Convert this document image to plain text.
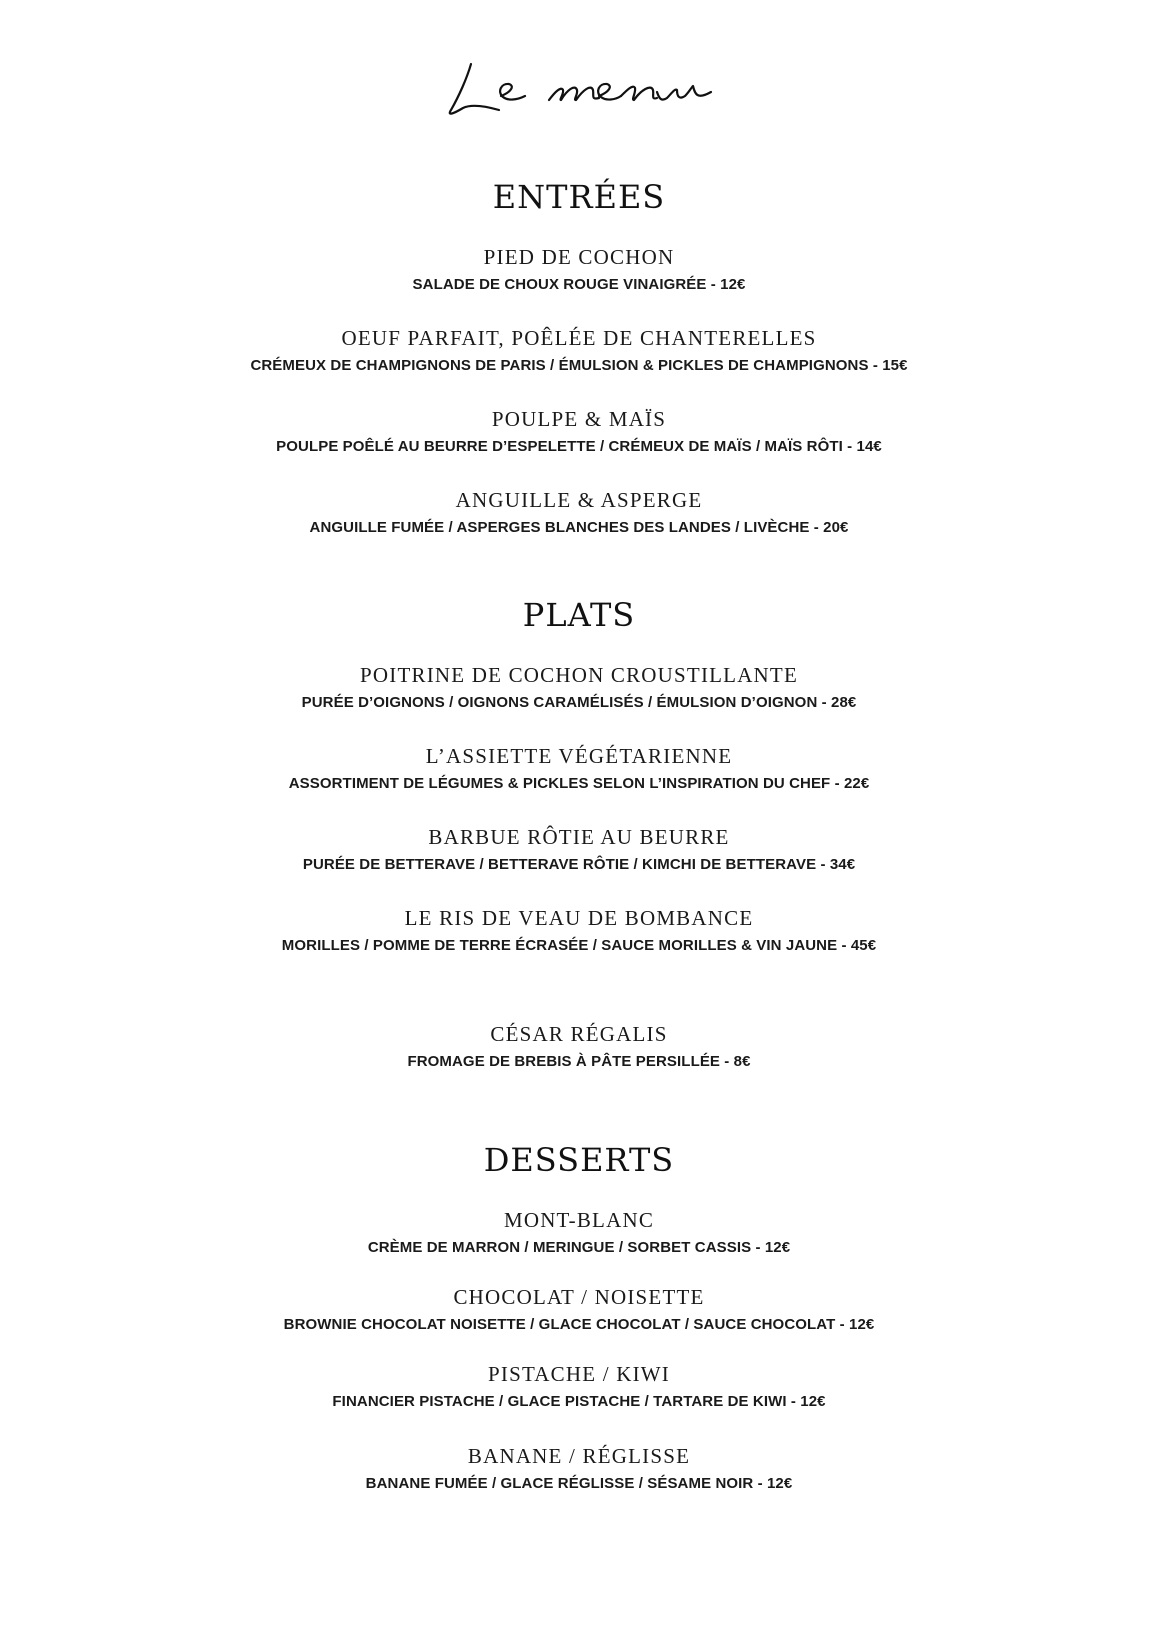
ENTRÉES
PIED DE COCHON
SALADE DE CHOUX ROUGE VINAIGRÉE - 12€
OEUF PARFAIT, POÊLÉE DE CHANTERELLES
CRÉMEUX DE CHAMPIGNONS DE PARIS / ÉMULSION & PICKLES DE CHAMPIGNONS - 15€
POULPE & MAÏS
POULPE POÊLÉ AU BEURRE D’ESPELETTE / CRÉMEUX DE MAÏS / MAÏS RÔTI - 14€
ANGUILLE & ASPERGE
ANGUILLE FUMÉE / ASPERGES BLANCHES DES LANDES / LIVÈCHE - 20€
PLATS
POITRINE DE COCHON CROUSTILLANTE
PURÉE D’OIGNONS / OIGNONS CARAMÉLISÉS / ÉMULSION D’OIGNON - 28€
L’ASSIETTE VÉGÉTARIENNE
ASSORTIMENT DE LÉGUMES & PICKLES SELON L’INSPIRATION DU CHEF - 22€
BARBUE RÔTIE AU BEURRE
PURÉE DE BETTERAVE / BETTERAVE RÔTIE / KIMCHI DE BETTERAVE - 34€
LE RIS DE VEAU DE BOMBANCE
MORILLES / POMME DE TERRE ÉCRASÉE / SAUCE MORILLES & VIN JAUNE - 45€
CÉSAR RÉGALIS
FROMAGE DE BREBIS À PÂTE PERSILLÉE - 8€
DESSERTS
MONT-BLANC
CRÈME DE MARRON / MERINGUE / SORBET CASSIS - 12€
CHOCOLAT / NOISETTE
BROWNIE CHOCOLAT NOISETTE / GLACE CHOCOLAT / SAUCE CHOCOLAT - 12€
PISTACHE / KIWI
FINANCIER PISTACHE / GLACE PISTACHE / TARTARE DE KIWI - 12€
BANANE / RÉGLISSE
BANANE FUMÉE / GLACE RÉGLISSE / SÉSAME NOIR - 12€
